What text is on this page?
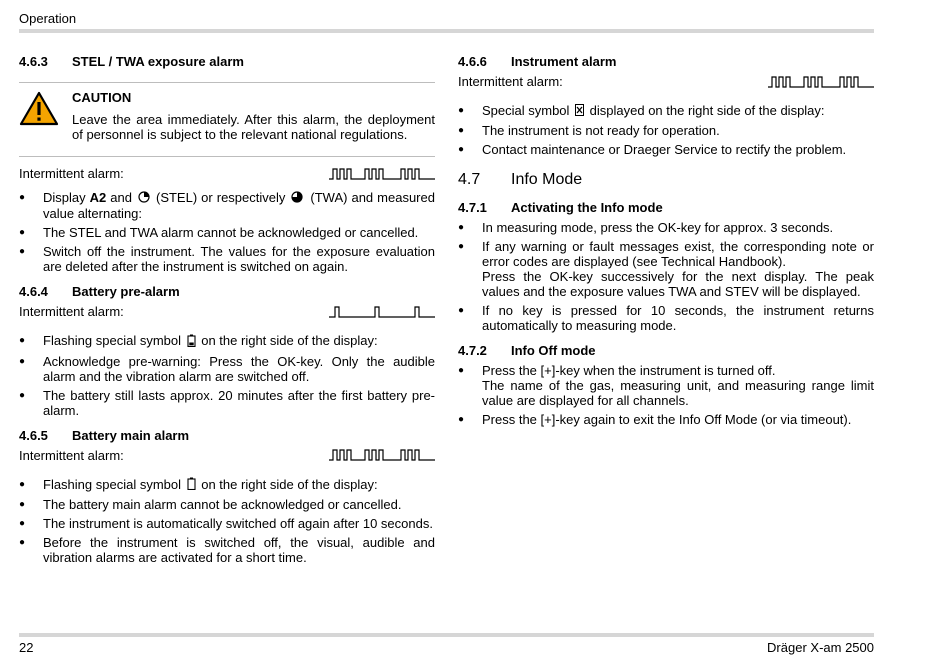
Operation
4.6.3	STEL / TWA exposure alarm
CAUTION
Leave the area immediately. After this alarm, the deployment of personnel is subject to the relevant national regulations.
Intermittent alarm:
● Display A2 and  (STEL) or respectively  (TWA) and measured value alternating:
● The STEL and TWA alarm cannot be acknowledged or cancelled.
● Switch off the instrument. The values for the exposure evaluation are deleted after the instrument is switched on again.
4.6.4	Battery pre-alarm
Intermittent alarm:
● Flashing special symbol  on the right side of the display:
● Acknowledge pre-warning: Press the OK-key. Only the audible alarm and the vibration alarm are switched off.
● The battery still lasts approx. 20 minutes after the first battery pre-alarm.
4.6.5	Battery main alarm
Intermittent alarm:
● Flashing special symbol  on the right side of the display:
● The battery main alarm cannot be acknowledged or cancelled.
● The instrument is automatically switched off again after 10 seconds.
● Before the instrument is switched off, the visual, audible and vibration alarms are activated for a short time.
4.6.6	Instrument alarm
Intermittent alarm:
● Special symbol  displayed on the right side of the display:
● The instrument is not ready for operation.
● Contact maintenance or Draeger Service to rectify the problem.
4.7	Info Mode
4.7.1	Activating the Info mode
● In measuring mode, press the OK-key for approx. 3 seconds.
● If any warning or fault messages exist, the corresponding note or error codes are displayed (see Technical Handbook).
Press the OK-key successively for the next display. The peak values and the exposure values TWA and STEV will be displayed.
● If no key is pressed for 10 seconds, the instrument returns automatically to measuring mode.
4.7.2	Info Off mode
● Press the [+]-key when the instrument is turned off.
The name of the gas, measuring unit, and measuring range limit value are displayed for all channels.
● Press the [+]-key again to exit the Info Off Mode (or via timeout).
22	Dräger X-am 2500
